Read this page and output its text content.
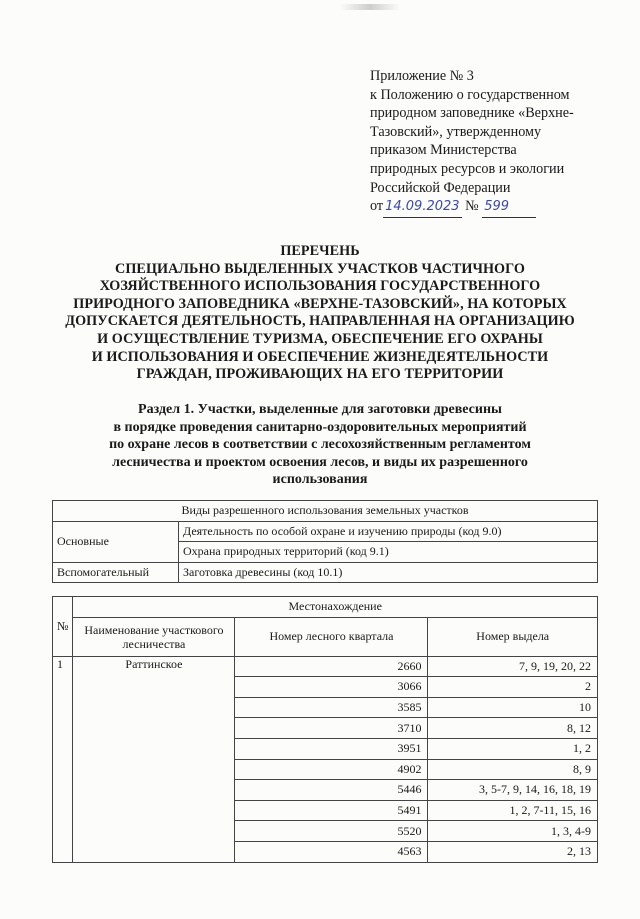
Приложение № 3
к Положению о государственном
природном заповеднике «Верхне-
Тазовский», утвержденному
приказом Министерства
природных ресурсов и экологии
Российской Федерации
от 14.09.2023 № 599
ПЕРЕЧЕНЬ
СПЕЦИАЛЬНО ВЫДЕЛЕННЫХ УЧАСТКОВ ЧАСТИЧНОГО
ХОЗЯЙСТВЕННОГО ИСПОЛЬЗОВАНИЯ ГОСУДАРСТВЕННОГО
ПРИРОДНОГО ЗАПОВЕДНИКА «ВЕРХНЕ-ТАЗОВСКИЙ», НА КОТОРЫХ
ДОПУСКАЕТСЯ ДЕЯТЕЛЬНОСТЬ, НАПРАВЛЕННАЯ НА ОРГАНИЗАЦИЮ
И ОСУЩЕСТВЛЕНИЕ ТУРИЗМА, ОБЕСПЕЧЕНИЕ ЕГО ОХРАНЫ
И ИСПОЛЬЗОВАНИЯ И ОБЕСПЕЧЕНИЕ ЖИЗНЕДЕЯТЕЛЬНОСТИ
ГРАЖДАН, ПРОЖИВАЮЩИХ НА ЕГО ТЕРРИТОРИИ
Раздел 1. Участки, выделенные для заготовки древесины
в порядке проведения санитарно-оздоровительных мероприятий
по охране лесов в соответствии с лесохозяйственным регламентом
лесничества и проектом освоения лесов, и виды их разрешенного
использования
Виды разрешенного использования земельных участков	
Основные	Деятельность по особой охране и изучению природы (код 9.0)
	Охрана природных территорий (код 9.1)
Вспомогательный	Заготовка древесины (код 10.1)
№	Местонахождение		
	Наименование участкового лесничества	Номер лесного квартала	Номер выдела
1	Раттинское	2660	7, 9, 19, 20, 22
		3066	2
		3585	10
		3710	8, 12
		3951	1, 2
		4902	8, 9
		5446	3, 5-7, 9, 14, 16, 18, 19
		5491	1, 2, 7-11, 15, 16
		5520	1, 3, 4-9
		4563	2, 13
